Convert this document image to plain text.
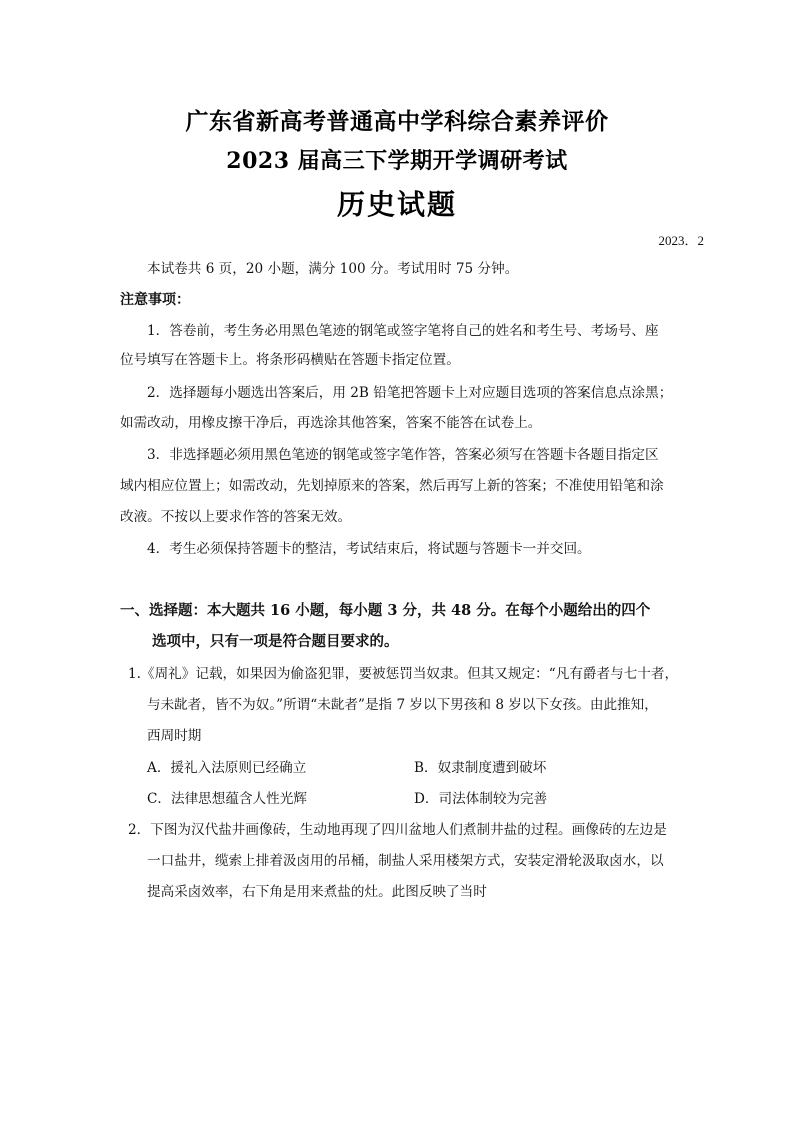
广东省新高考普通高中学科综合素养评价
2023 届高三下学期开学调研考试
历史试题
2023．2
本试卷共 6 页，20 小题，满分 100 分。考试用时 75 分钟。
注意事项：
1．答卷前，考生务必用黑色笔迹的钢笔或签字笔将自己的姓名和考生号、考场号、座
位号填写在答题卡上。将条形码横贴在答题卡指定位置。
2．选择题每小题选出答案后，用 2B 铅笔把答题卡上对应题目选项的答案信息点涂黑；
如需改动，用橡皮擦干净后，再选涂其他答案，答案不能答在试卷上。
3．非选择题必须用黑色笔迹的钢笔或签字笔作答，答案必须写在答题卡各题目指定区
域内相应位置上；如需改动，先划掉原来的答案，然后再写上新的答案；不准使用铅笔和涂
改液。不按以上要求作答的答案无效。
4．考生必须保持答题卡的整洁，考试结束后，将试题与答题卡一并交回。
一、选择题：本大题共 16 小题，每小题 3 分，共 48 分。在每个小题给出的四个
选项中，只有一项是符合题目要求的。
1.《周礼》记载，如果因为偷盗犯罪，要被惩罚当奴隶。但其又规定：“凡有爵者与七十者，
与未龀者，皆不为奴。”所谓“未龀者”是指 7 岁以下男孩和 8 岁以下女孩。由此推知，
西周时期
A．援礼入法原则已经确立	B．奴隶制度遭到破坏
C．法律思想蕴含人性光辉	D．司法体制较为完善
2．下图为汉代盐井画像砖，生动地再现了四川盆地人们煮制井盐的过程。画像砖的左边是
一口盐井，缆索上排着汲卤用的吊桶，制盐人采用楼架方式，安装定滑轮汲取卤水，以
提高采卤效率，右下角是用来煮盐的灶。此图反映了当时
